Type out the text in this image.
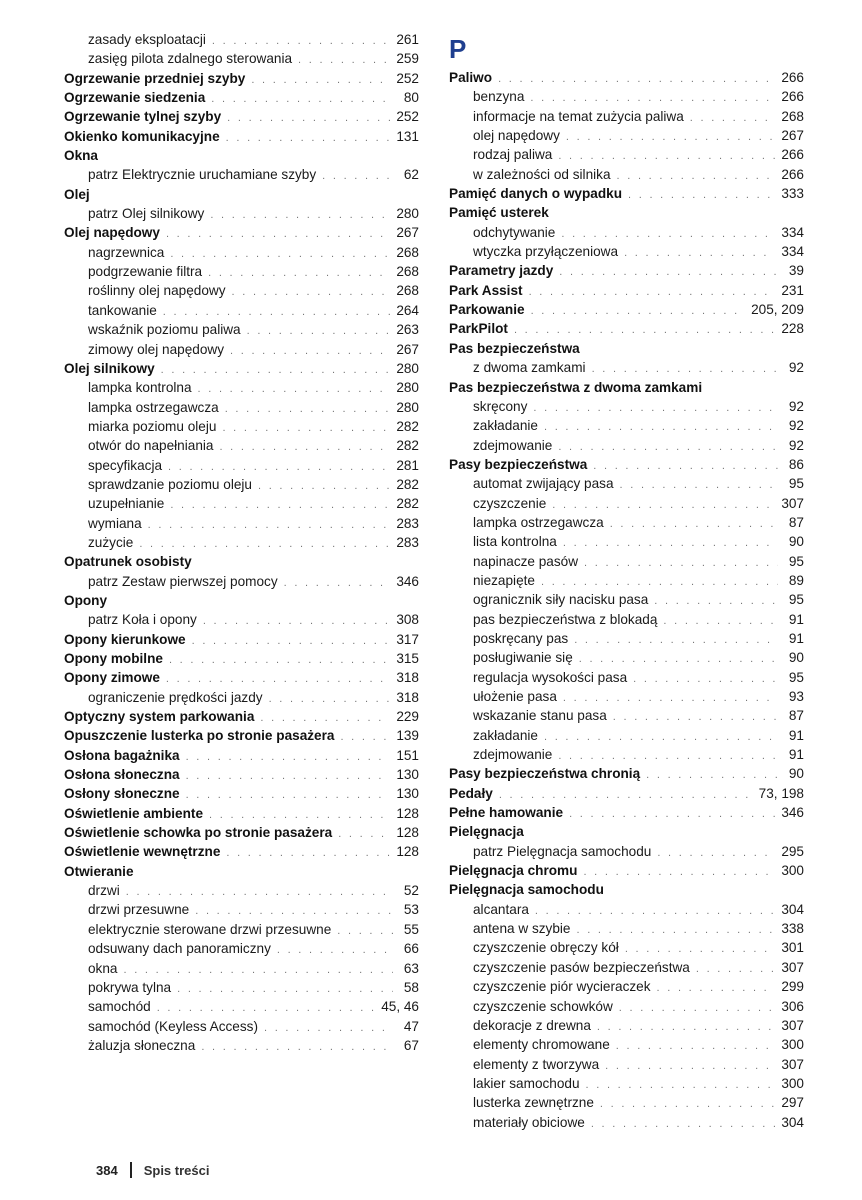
zasady eksploatacji . . .	261
zasięg pilota zdalnego sterowania . . .	259
Ogrzewanie przedniej szyby . . .	252
Ogrzewanie siedzenia . . .	80
Ogrzewanie tylnej szyby . . .	252
Okienko komunikacyjne . . .	131
Okna
patrz Elektrycznie uruchamiane szyby . . .	62
Olej
patrz Olej silnikowy . . .	280
Olej napędowy . . .	267
nagrzewnica . . .	268
podgrzewanie filtra . . .	268
roślinny olej napędowy . . .	268
tankowanie . . .	264
wskaźnik poziomu paliwa . . .	263
zimowy olej napędowy . . .	267
Olej silnikowy . . .	280
lampka kontrolna . . .	280
lampka ostrzegawcza . . .	280
miarka poziomu oleju . . .	282
otwór do napełniania . . .	282
specyfikacja . . .	281
sprawdzanie poziomu oleju . . .	282
uzupełnianie . . .	282
wymiana . . .	283
zużycie . . .	283
Opatrunek osobisty
patrz Zestaw pierwszej pomocy . . .	346
Opony
patrz Koła i opony . . .	308
Opony kierunkowe . . .	317
Opony mobilne . . .	315
Opony zimowe . . .	318
ograniczenie prędkości jazdy . . .	318
Optyczny system parkowania . . .	229
Opuszczenie lusterka po stronie pasażera . . .	139
Osłona bagażnika . . .	151
Osłona słoneczna . . .	130
Osłony słoneczne . . .	130
Oświetlenie ambiente . . .	128
Oświetlenie schowka po stronie pasażera . . .	128
Oświetlenie wewnętrzne . . .	128
Otwieranie
drzwi . . .	52
drzwi przesuwne . . .	53
elektrycznie sterowane drzwi przesuwne . . .	55
odsuwany dach panoramiczny . . .	66
okna . . .	63
pokrywa tylna . . .	58
samochód . . .	45, 46
samochód (Keyless Access) . . .	47
żaluzja słoneczna . . .	67
P
Paliwo . . .	266
benzyna . . .	266
informacje na temat zużycia paliwa . . .	268
olej napędowy . . .	267
rodzaj paliwa . . .	266
w zależności od silnika . . .	266
Pamięć danych o wypadku . . .	333
Pamięć usterek
odchytywanie . . .	334
wtyczka przyłączeniowa . . .	334
Parametry jazdy . . .	39
Park Assist . . .	231
Parkowanie . . .	205, 209
ParkPilot . . .	228
Pas bezpieczeństwa
z dwoma zamkami . . .	92
Pas bezpieczeństwa z dwoma zamkami
skręcony . . .	92
zakładanie . . .	92
zdejmowanie . . .	92
Pasy bezpieczeństwa . . .	86
automat zwijający pasa . . .	95
czyszczenie . . .	307
lampka ostrzegawcza . . .	87
lista kontrolna . . .	90
napinacze pasów . . .	95
niezapięte . . .	89
ogranicznik siły nacisku pasa . . .	95
pas bezpieczeństwa z blokadą . . .	91
poskręcany pas . . .	91
posługiwanie się . . .	90
regulacja wysokości pasa . . .	95
ułożenie pasa . . .	93
wskazanie stanu pasa . . .	87
zakładanie . . .	91
zdejmowanie . . .	91
Pasy bezpieczeństwa chronią . . .	90
Pedały . . .	73, 198
Pełne hamowanie . . .	346
Pielęgnacja
patrz Pielęgnacja samochodu . . .	295
Pielęgnacja chromu . . .	300
Pielęgnacja samochodu
alcantara . . .	304
antena w szybie . . .	338
czyszczenie obręczy kół . . .	301
czyszczenie pasów bezpieczeństwa . . .	307
czyszczenie piór wycieraczek . . .	299
czyszczenie schowków . . .	306
dekoracje z drewna . . .	307
elementy chromowane . . .	300
elementy z tworzywa . . .	307
lakier samochodu . . .	300
lusterka zewnętrzne . . .	297
materiały obiciowe . . .	304
384 Spis treści
